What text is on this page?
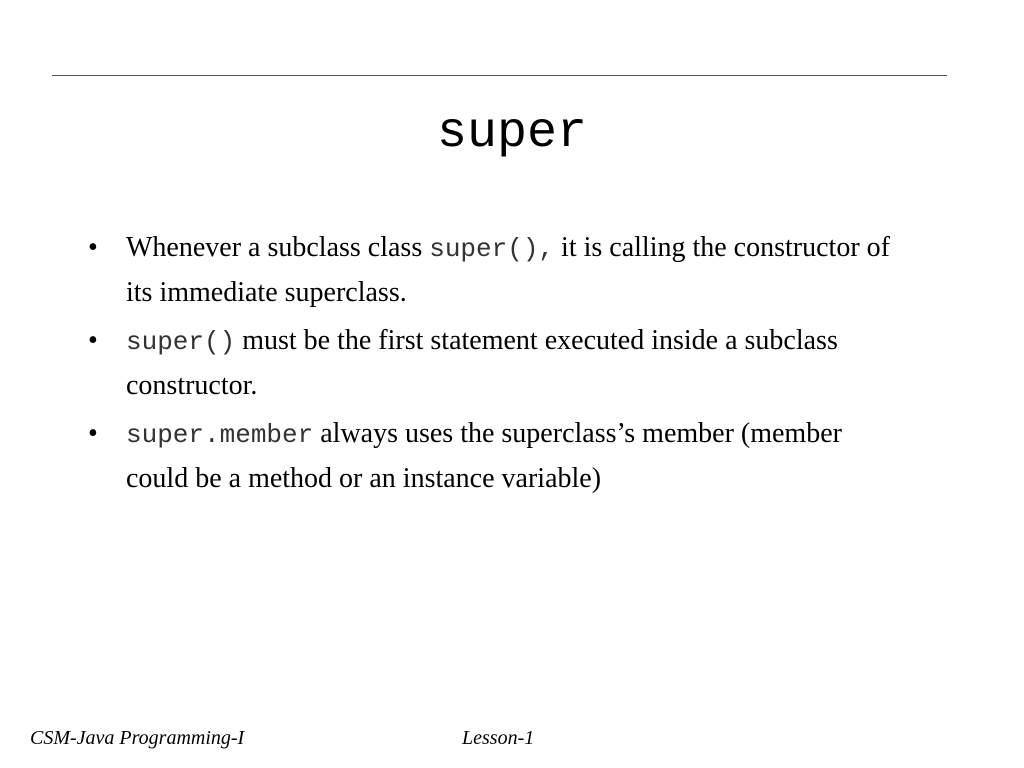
super
•	Whenever a subclass class super(), it is calling the constructor of its immediate superclass.
•	super() must be the first statement executed inside a subclass constructor.
•	super.member always uses the superclass’s member (member could be a method or an instance variable)
CSM-Java Programming-I	Lesson-1
